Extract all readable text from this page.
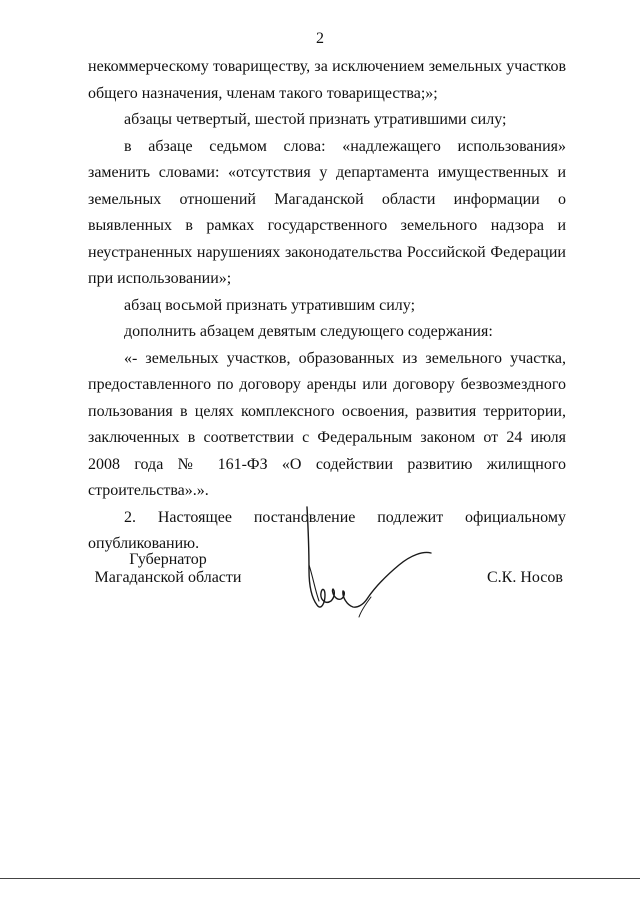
2

некоммерческому товариществу, за исключением земельных участков общего назначения, членам такого товарищества;»;

абзацы четвертый, шестой признать утратившими силу;

в абзаце седьмом слова: «надлежащего использования» заменить словами: «отсутствия у департамента имущественных и земельных отношений Магаданской области информации о выявленных в рамках государственного земельного надзора и неустраненных нарушениях законодательства Российской Федерации при использовании»;

абзац восьмой признать утратившим силу;

дополнить абзацем девятым следующего содержания:

«- земельных участков, образованных из земельного участка, предоставленного по договору аренды или договору безвозмездного пользования в целях комплексного освоения, развития территории, заключенных в соответствии с Федеральным законом от 24 июля 2008 года № 161-ФЗ «О содействии развитию жилищного строительства».».

2. Настоящее постановление подлежит официальному опубликованию.

Губернатор
Магаданской области	С.К. Носов
